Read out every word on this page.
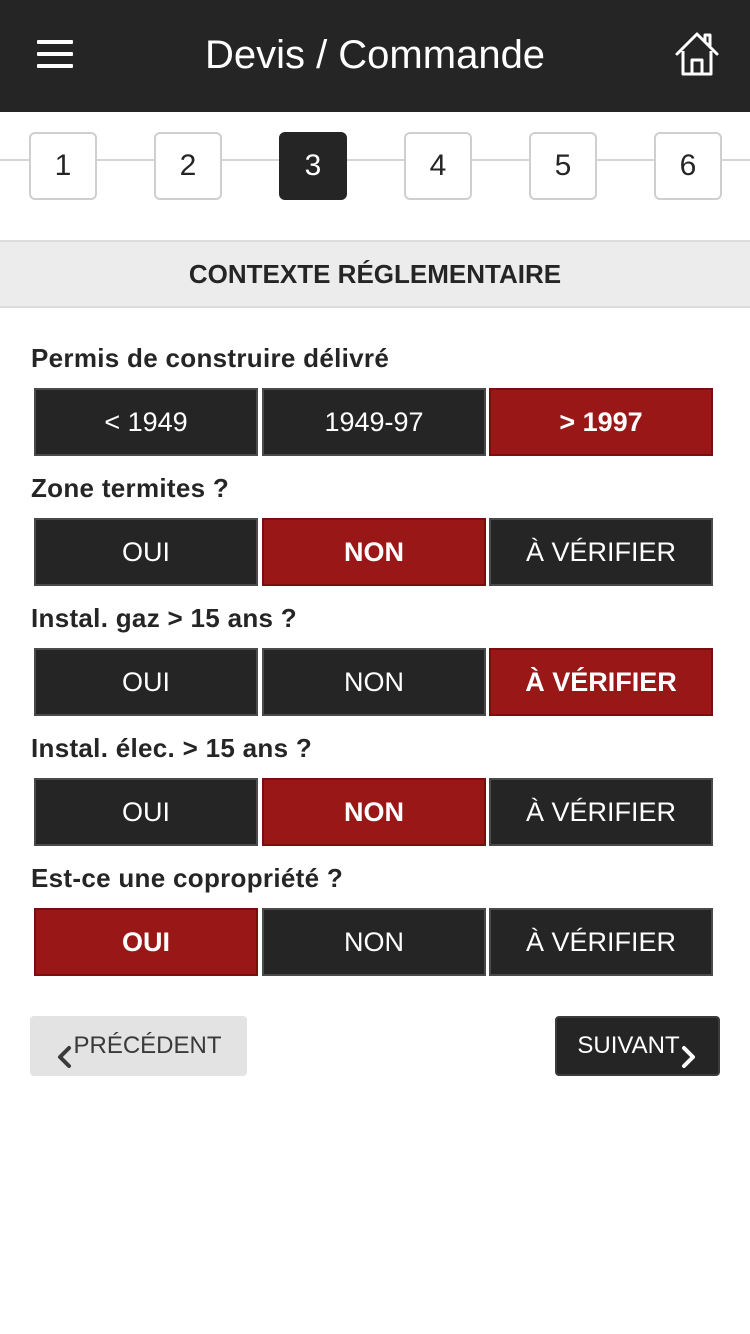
Devis / Commande
1	2	3	4	5	6
CONTEXTE RÉGLEMENTAIRE
Permis de construire délivré
< 1949	1949-97	> 1997
Zone termites ?
OUI	NON	À VÉRIFIER
Instal. gaz > 15 ans ?
OUI	NON	À VÉRIFIER
Instal. élec. > 15 ans ?
OUI	NON	À VÉRIFIER
Est-ce une copropriété ?
OUI	NON	À VÉRIFIER
PRÉCÉDENT	SUIVANT
